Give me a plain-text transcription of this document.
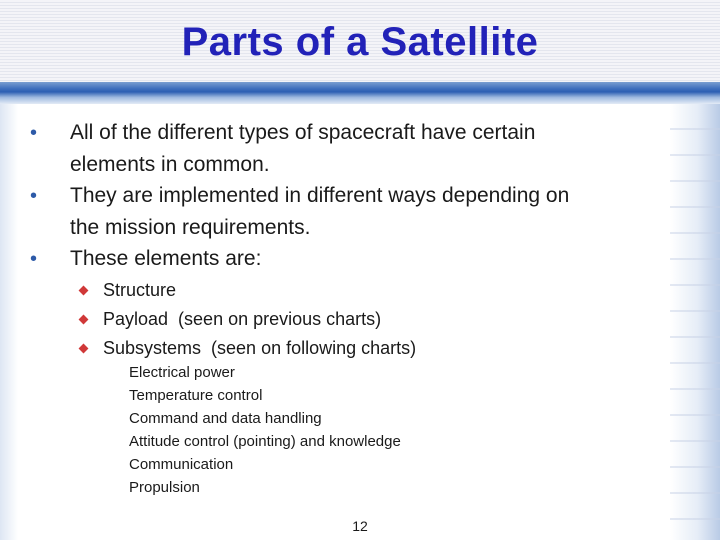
Parts of a Satellite
• All of the different types of spacecraft have certain
elements in common.
• They are implemented in different ways depending on
the mission requirements.
• These elements are:
Structure
Payload  (seen on previous charts)
Subsystems  (seen on following charts)
Electrical power
Temperature control
Command and data handling
Attitude control (pointing) and knowledge
Communication
Propulsion
12
